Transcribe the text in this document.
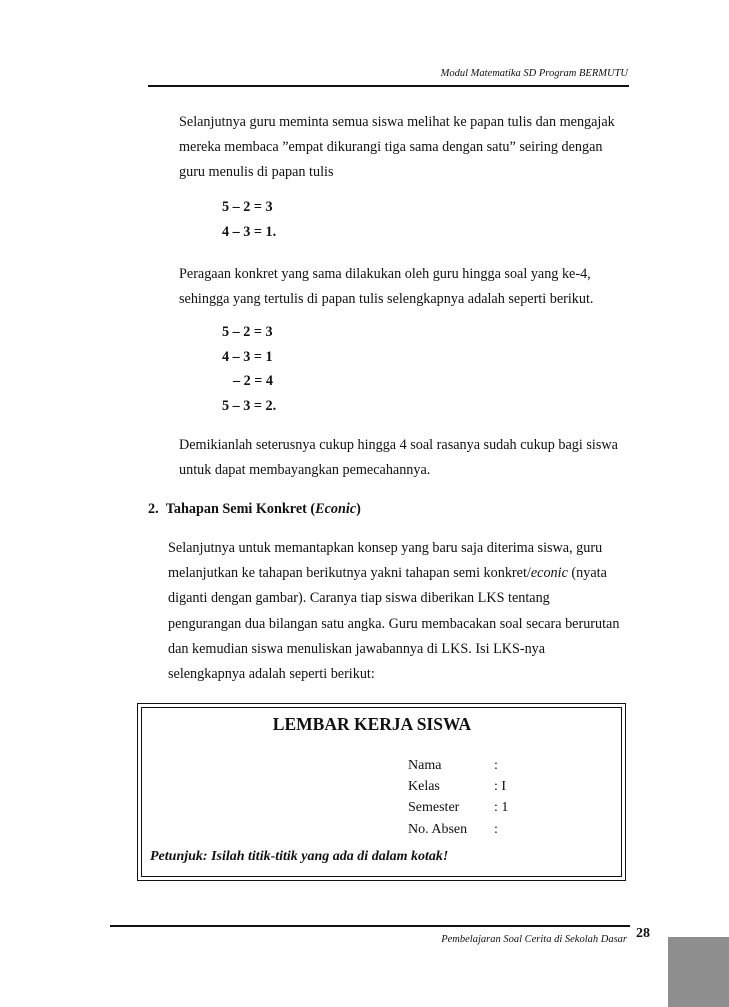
Modul Matematika SD Program BERMUTU
Selanjutnya guru meminta semua siswa melihat ke papan tulis dan mengajak
mereka membaca ”empat dikurangi tiga sama dengan satu” seiring dengan
guru menulis di papan tulis
5 – 2 = 3
4 – 3 = 1.
Peragaan konkret yang sama dilakukan oleh guru hingga soal yang ke-4,
sehingga yang tertulis di papan tulis selengkapnya adalah seperti berikut.
5 – 2 = 3
4 – 3 = 1
– 2 = 4
5 – 3 = 2.
Demikianlah seterusnya cukup hingga 4 soal rasanya sudah cukup bagi siswa
untuk dapat membayangkan pemecahannya.
2. Tahapan Semi Konkret (Econic)
Selanjutnya untuk memantapkan konsep yang baru saja diterima siswa, guru
melanjutkan ke tahapan berikutnya yakni tahapan semi konkret/econic (nyata
diganti dengan gambar). Caranya tiap siswa diberikan LKS tentang
pengurangan dua bilangan satu angka. Guru membacakan soal secara berurutan
dan kemudian siswa menuliskan jawabannya di LKS. Isi LKS-nya
selengkapnya adalah seperti berikut:
LEMBAR KERJA SISWA
Nama
Kelas
Semester
No. Absen
:
: I
: 1
:
Petunjuk: Isilah titik-titik yang ada di dalam kotak!
Pembelajaran Soal Cerita di Sekolah Dasar 28
